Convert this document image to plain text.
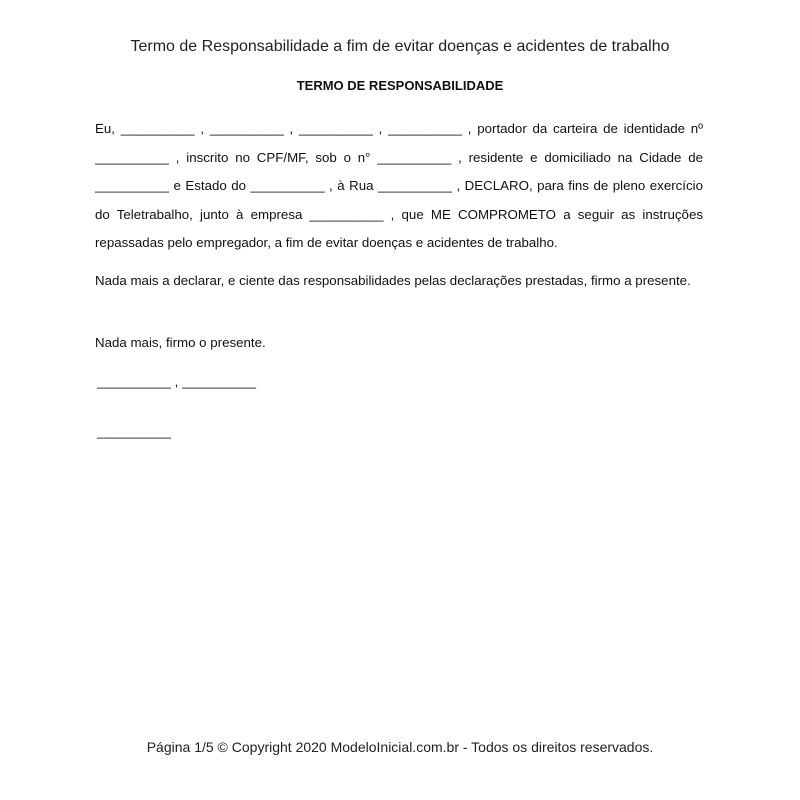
Termo de Responsabilidade a fim de evitar doenças e acidentes de trabalho

TERMO DE RESPONSABILIDADE

Eu, __________ , __________ , __________ , __________ , portador da carteira de identidade nº __________ , inscrito no CPF/MF, sob o n° __________ , residente e domiciliado na Cidade de __________ e Estado do __________ , à Rua __________ , DECLARO, para fins de pleno exercício do Teletrabalho, junto à empresa __________ , que ME COMPROMETO a seguir as instruções repassadas pelo empregador, a fim de evitar doenças e acidentes de trabalho.

Nada mais a declarar, e ciente das responsabilidades pelas declarações prestadas, firmo a presente.

Nada mais, firmo o presente.

__________ , __________

__________

Página 1/5 © Copyright 2020 ModeloInicial.com.br - Todos os direitos reservados.
